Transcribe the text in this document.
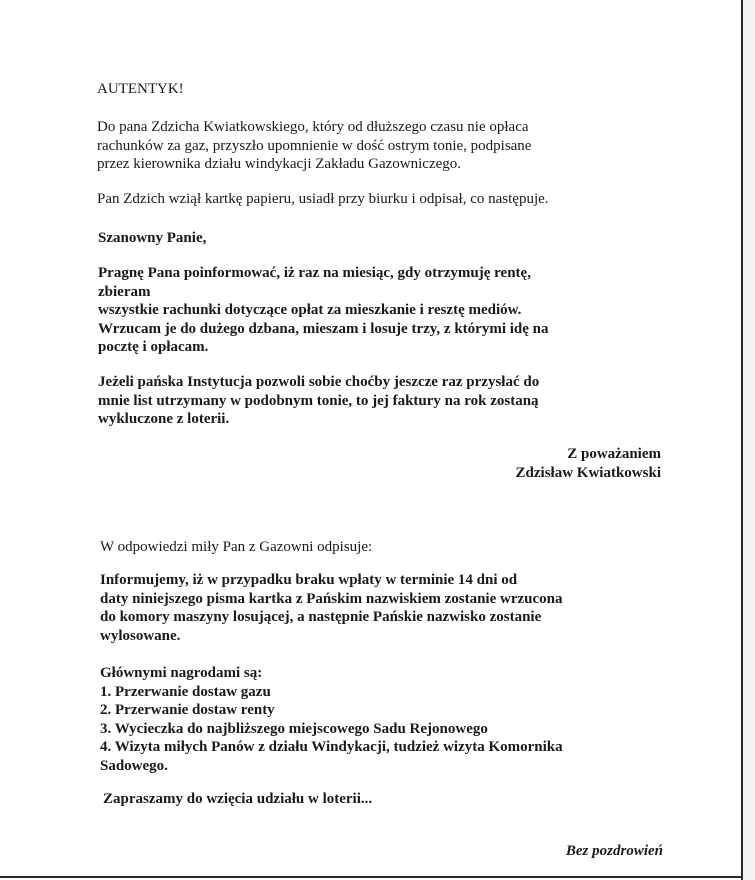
AUTENTYK!

Do pana Zdzicha Kwiatkowskiego, który od dłuższego czasu nie opłaca
rachunków za gaz, przyszło upomnienie w dość ostrym tonie, podpisane
przez kierownika działu windykacji Zakładu Gazowniczego.

Pan Zdzich wziął kartkę papieru, usiadł przy biurku i odpisał, co następuje.

Szanowny Panie,

Pragnę Pana poinformować, iż raz na miesiąc, gdy otrzymuję rentę,
zbieram
wszystkie rachunki dotyczące opłat za mieszkanie i resztę mediów.
Wrzucam je do dużego dzbana, mieszam i losuje trzy, z którymi idę na
pocztę i opłacam.
Jeżeli pańska Instytucja pozwoli sobie choćby jeszcze raz przysłać do
mnie list utrzymany w podobnym tonie, to jej faktury na rok zostaną
wykluczone z loterii.
Z poważaniem
Zdzisław Kwiatkowski

W odpowiedzi miły Pan z Gazowni odpisuje:

Informujemy, iż w przypadku braku wpłaty w terminie 14 dni od
daty niniejszego pisma kartka z Pańskim nazwiskiem zostanie wrzucona
do komory maszyny losującej, a następnie Pańskie nazwisko zostanie
wylosowane.
Głównymi nagrodami są:
1. Przerwanie dostaw gazu
2. Przerwanie dostaw renty
3. Wycieczka do najbliższego miejscowego Sadu Rejonowego
4. Wizyta miłych Panów z działu Windykacji, tudzież wizyta Komornika
Sadowego.

Zapraszamy do wzięcia udziału w loterii...

Bez pozdrowień
